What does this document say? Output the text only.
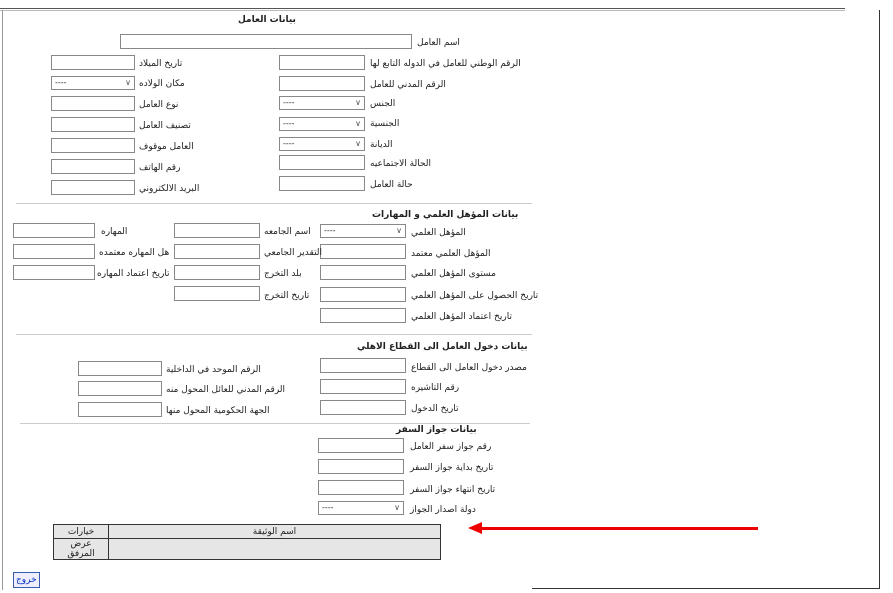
بيانات العامل
اسم العامل
الرقم الوطني للعامل في الدوله التابع لها
الرقم المدني للعامل
----	∨ الجنس
----	∨ الجنسية
----	∨ الديانة
الحالة الاجتماعيه
حالة العامل
تاريخ الميلاد
----	∨ مكان الولاده
نوع العامل
تصنيف العامل
العامل موقوف
رقم الهاتف
البريد الالكتروني
بيانات المؤهل العلمي و المهارات
----	∨ المؤهل العلمي
المؤهل العلمي معتمد
مستوى المؤهل العلمي
تاريخ الحصول على المؤهل العلمي
تاريخ اعتماد المؤهل العلمي
اسم الجامعه
التقدير الجامعي
بلد التخرج
تاريخ التخرج
المهاره
هل المهاره معتمده
تاريخ اعتماد المهاره
بيانات دخول العامل الى القطاع الاهلي
مصدر دخول العامل الى القطاع
رقم التاشيره
تاريخ الدخول
الرقم الموحد في الداخلية
الرقم المدني للعائل المحول منه
الجهة الحكومية المحول منها
بيانات جواز السفر
رقم جواز سفر العامل
تاريخ بداية جواز السفر
تاريخ انتهاء جواز السفر
----	∨ دولة اصدار الجواز
خيارات	اسم الوثيقة
عرض المرفق	
خروج
